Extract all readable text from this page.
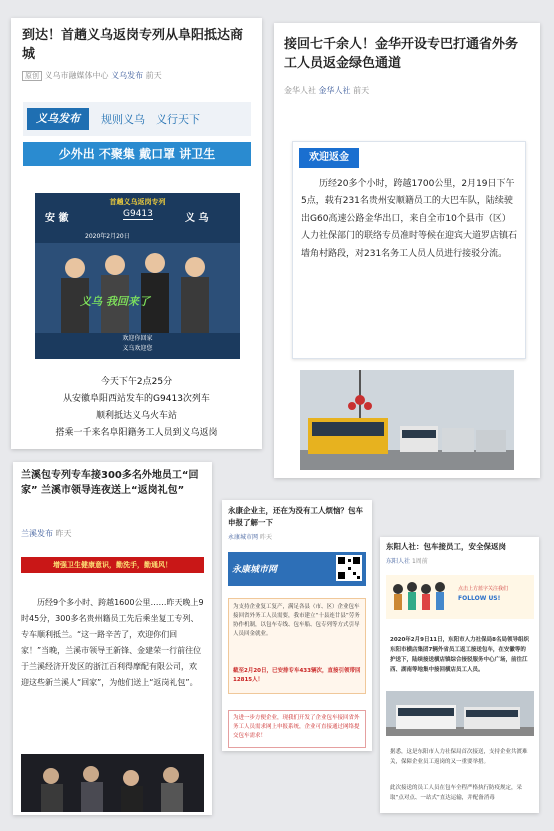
到达！首趟义乌返岗专列从阜阳抵达商城
原创 义乌市融媒体中心 义乌发布 前天
义乌发布	规则义乌　义行天下
少外出 不聚集 戴口罩 讲卫生
首趟义乌返岗专列
安 徽	G9413	义 乌
2020年2月20日
义乌 我回来了
欢迎你回家
义乌欢迎您
今天下午2点25分
从安徽阜阳西站发车的G9413次列车
顺利抵达义乌火车站
搭乘一千来名阜阳籍务工人员到义乌返岗
接回七千余人！金华开设专巴打通省外务工人员返金绿色通道
金华人社 金华人社 前天
欢迎返金
历经20多个小时，跨越1700公里，2月19日下午5点，载有231名贵州安顺籍员工的大巴车队，陆续驶出G60高速公路金华出口，来自全市10个县市（区）人力社保部门的联络专员准时等候在迎宾大道罗店镇石墙角村路段，对231名务工人员人员进行接驳分流。
兰溪包专列专车接300多名外地员工“回家” 兰溪市领导连夜送上“返岗礼包”
兰溪发布 昨天
增强卫生健康意识，勤洗手，勤通风！
历经9个多小时、跨越1600公里……昨天晚上9时45分，300多名贵州籍员工先后乘坐复工专列、专车顺利抵兰。“这一路辛苦了，欢迎你们回家！”当晚，兰溪市领导王新锋、金建荣一行前往位于兰溪经济开发区的浙江百利得摩配有限公司，欢迎这些新兰溪人“回家”，为他们送上“返岗礼包”。
永康企业主，还在为没有工人烦恼？包车申报了解一下
永康城市网 昨天
永康城市网
为支持企业复工复产，满足各县（市、区）企业包车接回省外务工人员需要，我市建立“十县连廿县”劳务协作机制，以包车专线、包车船、包专列等方式引导人员回金就业。
截至2月20日，已安排专车433辆次，直接引领带回12815人！
为进一步方便企业，现我们开发了企业包车接回省外务工人员需求网上申报系统，企业可直接通过网络提交包车需求！
东阳人社：包车接员工，安全保返岗
东阳人社 1周前
点击上方蓝字关注我们
FOLLOW US!
2020年2月9日11日，东阳市人力社保局8名局领导组织东阳市横店集团7辆外省员工返工接送包车，在安徽等的护送下，陆续接送横店镇综合接驳服务中心广场，前往江西、湖南等地集中接回横店员工人员。
据悉，这是东阳市人力社保局首次接送，支持企业共渡难关，保障企业员工返岗的又一重要举措。
此次接送的员工人员在包车全程严格执行防疫规定，采取“点对点、一站式”直达运输，并配备消毒
